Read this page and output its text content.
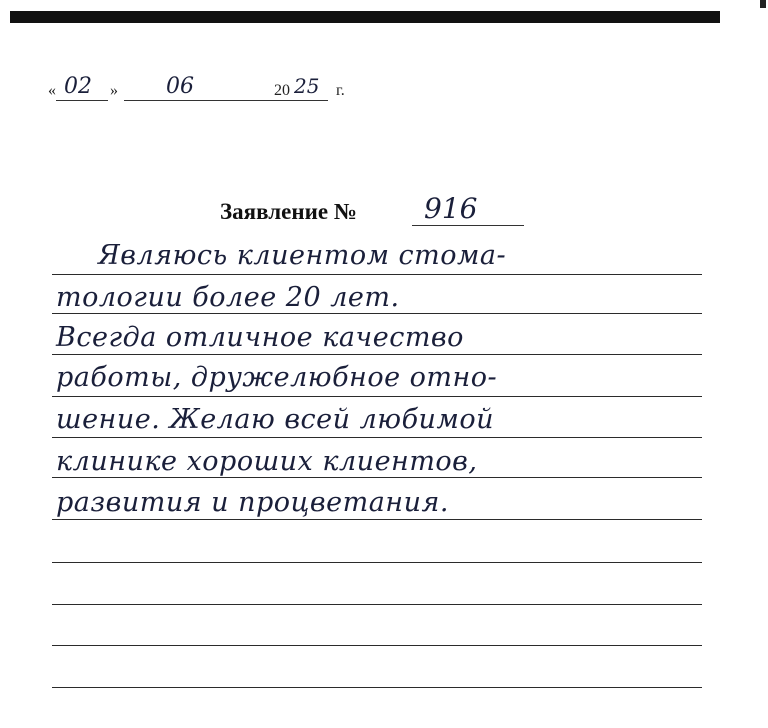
« 02 » 06	20 25 г.
Заявление № 916
Являюсь клиентом стома-
тологии более 20 лет.
Всегда отличное качество
работы, дружелюбное отно-
шение. Желаю всей любимой
клинике хороших клиентов,
развития и процветания.
